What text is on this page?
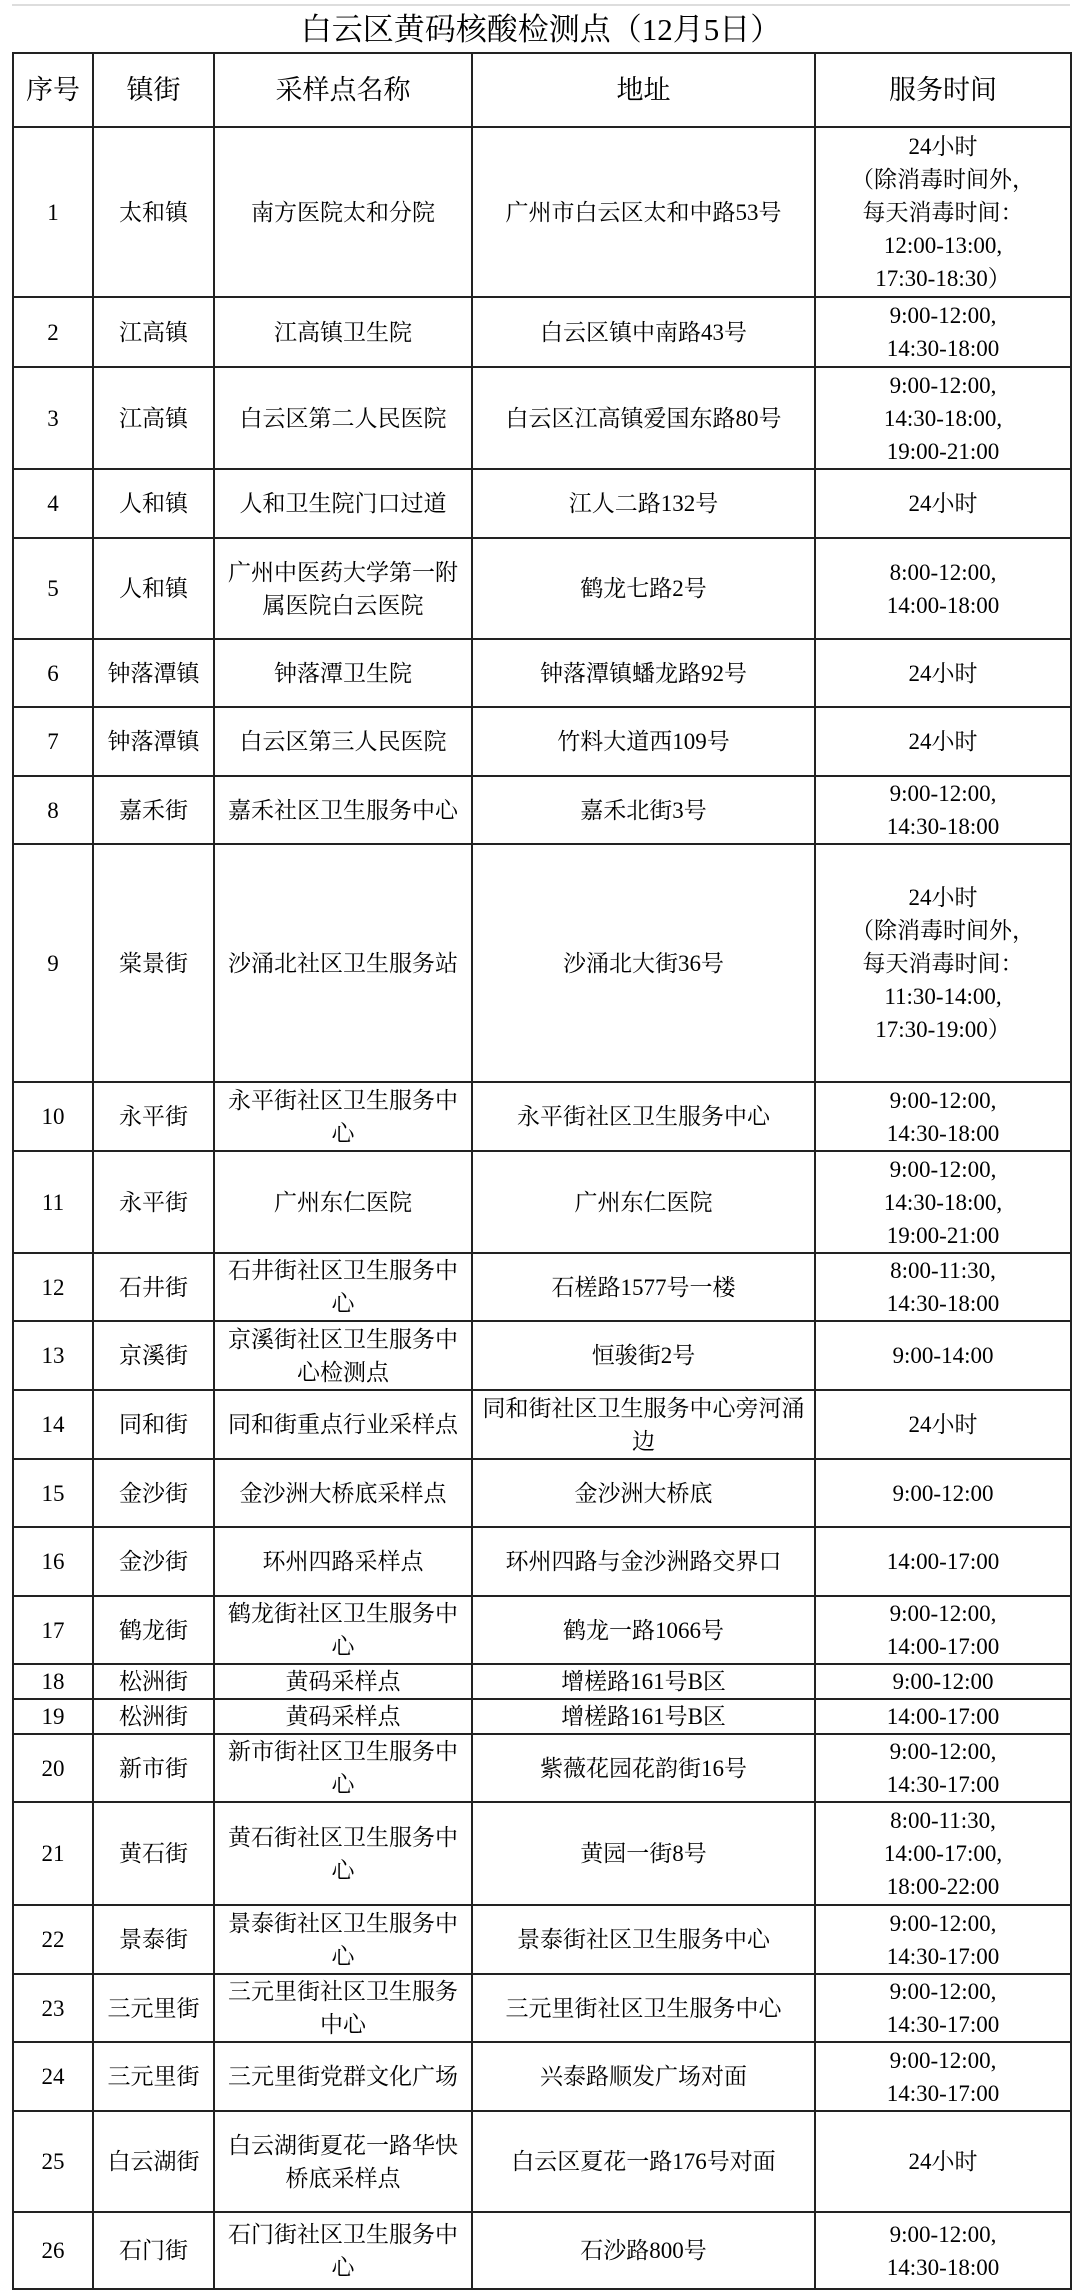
白云区黄码核酸检测点（12月5日）
序号	镇街	采样点名称	地址	服务时间
1	太和镇	南方医院太和分院	广州市白云区太和中路53号	24小时
（除消毒时间外，
每天消毒时间：
12:00-13:00,
17:30-18:30）
2	江高镇	江高镇卫生院	白云区镇中南路43号	9:00-12:00,
14:30-18:00
3	江高镇	白云区第二人民医院	白云区江高镇爱国东路80号	9:00-12:00,
14:30-18:00,
19:00-21:00
4	人和镇	人和卫生院门口过道	江人二路132号	24小时
5	人和镇	广州中医药大学第一附属医院白云医院	鹤龙七路2号	8:00-12:00,
14:00-18:00
6	钟落潭镇	钟落潭卫生院	钟落潭镇蟠龙路92号	24小时
7	钟落潭镇	白云区第三人民医院	竹料大道西109号	24小时
8	嘉禾街	嘉禾社区卫生服务中心	嘉禾北街3号	9:00-12:00,
14:30-18:00
9	棠景街	沙涌北社区卫生服务站	沙涌北大街36号	24小时
（除消毒时间外，
每天消毒时间：
11:30-14:00,
17:30-19:00）
10	永平街	永平街社区卫生服务中心	永平街社区卫生服务中心	9:00-12:00,
14:30-18:00
11	永平街	广州东仁医院	广州东仁医院	9:00-12:00,
14:30-18:00,
19:00-21:00
12	石井街	石井街社区卫生服务中心	石槎路1577号一楼	8:00-11:30,
14:30-18:00
13	京溪街	京溪街社区卫生服务中心检测点	恒骏街2号	9:00-14:00
14	同和街	同和街重点行业采样点	同和街社区卫生服务中心旁河涌边	24小时
15	金沙街	金沙洲大桥底采样点	金沙洲大桥底	9:00-12:00
16	金沙街	环州四路采样点	环州四路与金沙洲路交界口	14:00-17:00
17	鹤龙街	鹤龙街社区卫生服务中心	鹤龙一路1066号	9:00-12:00,
14:00-17:00
18	松洲街	黄码采样点	增槎路161号B区	9:00-12:00
19	松洲街	黄码采样点	增槎路161号B区	14:00-17:00
20	新市街	新市街社区卫生服务中心	紫薇花园花韵街16号	9:00-12:00,
14:30-17:00
21	黄石街	黄石街社区卫生服务中心	黄园一街8号	8:00-11:30,
14:00-17:00,
18:00-22:00
22	景泰街	景泰街社区卫生服务中心	景泰街社区卫生服务中心	9:00-12:00,
14:30-17:00
23	三元里街	三元里街社区卫生服务中心	三元里街社区卫生服务中心	9:00-12:00,
14:30-17:00
24	三元里街	三元里街党群文化广场	兴泰路顺发广场对面	9:00-12:00,
14:30-17:00
25	白云湖街	白云湖街夏花一路华快桥底采样点	白云区夏花一路176号对面	24小时
26	石门街	石门街社区卫生服务中心	石沙路800号	9:00-12:00,
14:30-18:00
